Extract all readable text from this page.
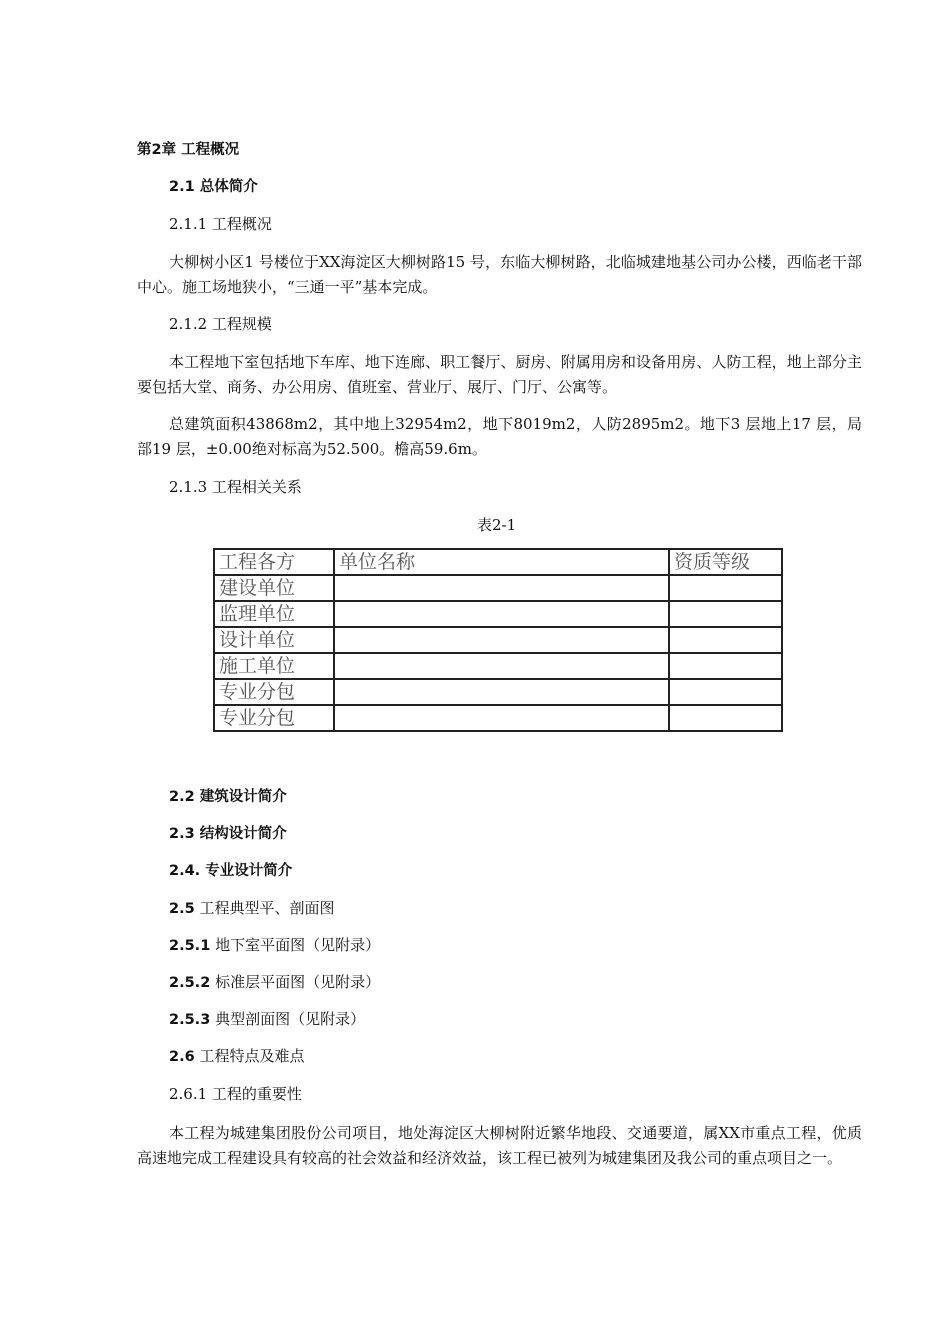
第2章 工程概况
2.1 总体简介
2.1.1 工程概况
大柳树小区1 号楼位于XX海淀区大柳树路15 号，东临大柳树路，北临城建地基公司办公楼，西临老干部中心。施工场地狭小，“三通一平”基本完成。
2.1.2 工程规模
本工程地下室包括地下车库、地下连廊、职工餐厅、厨房、附属用房和设备用房、人防工程，地上部分主要包括大堂、商务、办公用房、值班室、营业厅、展厅、门厅、公寓等。
总建筑面积43868m2，其中地上32954m2，地下8019m2，人防2895m2。地下3 层地上17 层，局部19 层，±0.00绝对标高为52.500。檐高59.6m。
2.1.3 工程相关关系
表2-1
工程各方	单位名称	资质等级
建设单位		
监理单位		
设计单位		
施工单位		
专业分包		
专业分包		
2.2 建筑设计简介
2.3 结构设计简介
2.4. 专业设计简介
2.5 工程典型平、剖面图
2.5.1 地下室平面图（见附录）
2.5.2 标准层平面图（见附录）
2.5.3 典型剖面图（见附录）
2.6 工程特点及难点
2.6.1 工程的重要性
本工程为城建集团股份公司项目，地处海淀区大柳树附近繁华地段、交通要道，属XX市重点工程，优质高速地完成工程建设具有较高的社会效益和经济效益，该工程已被列为城建集团及我公司的重点项目之一。
